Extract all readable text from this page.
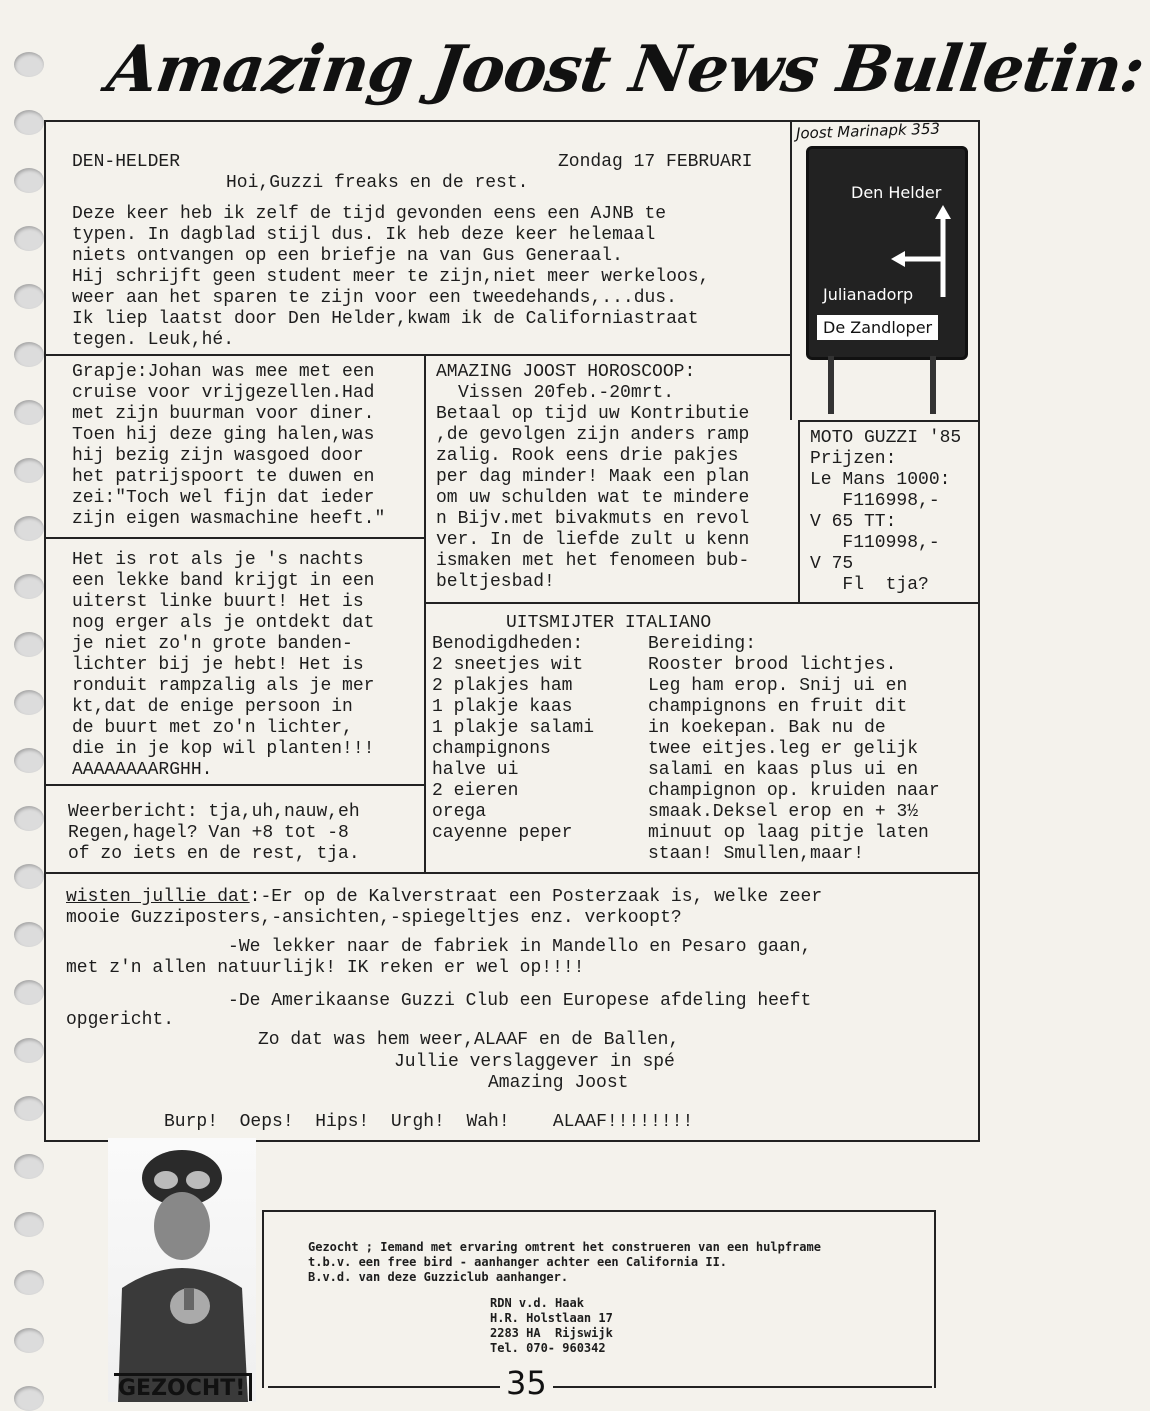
Amazing Joost News Bulletin:
DEN-HELDER	Zondag 17 FEBRUARI
Hoi,Guzzi freaks en de rest.
Deze keer heb ik zelf de tijd gevonden eens een AJNB te
typen. In dagblad stijl dus. Ik heb deze keer helemaal
niets ontvangen op een briefje na van Gus Generaal.
Hij schrijft geen student meer te zijn,niet meer werkeloos,
weer aan het sparen te zijn voor een tweedehands,...dus.
Ik liep laatst door Den Helder,kwam ik de Californiastraat
tegen. Leuk,hé.
Joost Marinapk 353
Den Helder
Julianadorp
De Zandloper
Grapje:Johan was mee met een
cruise voor vrijgezellen.Had
met zijn buurman voor diner.
Toen hij deze ging halen,was
hij bezig zijn wasgoed door
het patrijspoort te duwen en
zei:"Toch wel fijn dat ieder
zijn eigen wasmachine heeft."
AMAZING JOOST HOROSCOOP:
Vissen 20feb.-20mrt.
Betaal op tijd uw Kontributie
,de gevolgen zijn anders ramp
zalig. Rook eens drie pakjes
per dag minder! Maak een plan
om uw schulden wat te mindere
n Bijv.met bivakmuts en revol
ver. In de liefde zult u kenn
ismaken met het fenomeen bub-
beltjesbad!
MOTO GUZZI '85
Prijzen:
Le Mans 1000:
F116998,-
V 65 TT:
F110998,-
V 75
Fl  tja?
Het is rot als je 's nachts
een lekke band krijgt in een
uiterst linke buurt! Het is
nog erger als je ontdekt dat
je niet zo'n grote banden-
lichter bij je hebt! Het is
ronduit rampzalig als je mer
kt,dat de enige persoon in
de buurt met zo'n lichter,
die in je kop wil planten!!!
AAAAAAAARGHH.
UITSMIJTER ITALIANO
Benodigdheden:
2 sneetjes wit
2 plakjes ham
1 plakje kaas
1 plakje salami
champignons
halve ui
2 eieren
orega
cayenne peper
Bereiding:
Rooster brood lichtjes.
Leg ham erop. Snij ui en
champignons en fruit dit
in koekepan. Bak nu de
twee eitjes.leg er gelijk
salami en kaas plus ui en
champignon op. kruiden naar
smaak.Deksel erop en + 3½
minuut op laag pitje laten
staan! Smullen,maar!
Weerbericht: tja,uh,nauw,eh
Regen,hagel? Van +8 tot -8
of zo iets en de rest, tja.
wisten jullie dat:-Er op de Kalverstraat een Posterzaak is, welke zeer
mooie Guzziposters,-ansichten,-spiegeltjes enz. verkoopt?
-We lekker naar de fabriek in Mandello en Pesaro gaan,
met z'n allen natuurlijk! IK reken er wel op!!!!
-De Amerikaanse Guzzi Club een Europese afdeling heeft
opgericht.
Zo dat was hem weer,ALAAF en de Ballen,
Jullie verslaggever in spé
Amazing Joost
Burp!  Oeps!  Hips!  Urgh!  Wah!    ALAAF!!!!!!!!
GEZOCHT!
Gezocht ; Iemand met ervaring omtrent het construeren van een hulpframe
t.b.v. een free bird - aanhanger achter een California II.
B.v.d. van deze Guzziclub aanhanger.
RDN v.d. Haak
H.R. Holstlaan 17
2283 HA  Rijswijk
Tel. 070- 960342
35
